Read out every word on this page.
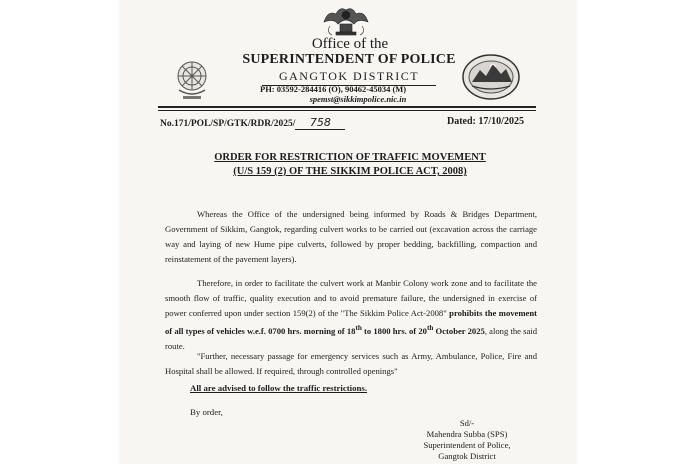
Office of the
SUPERINTENDENT OF POLICE
GANGTOK DISTRICT
PH: 03592-284416 (O), 90462-45034 (M)
spemst@sikkimpolice.nic.in
No.171/POL/SP/GTK/RDR/2025/ 758	Dated: 17/10/2025
ORDER FOR RESTRICTION OF TRAFFIC MOVEMENT
(U/S 159 (2) OF THE SIKKIM POLICE ACT, 2008)
Whereas the Office of the undersigned being informed by Roads & Bridges Department, Government of Sikkim, Gangtok, regarding culvert works to be carried out (excavation across the carriage way and laying of new Hume pipe culverts, followed by proper bedding, backfilling, compaction and reinstatement of the pavement layers).
Therefore, in order to facilitate the culvert work at Manbir Colony work zone and to facilitate the smooth flow of traffic, quality execution and to avoid premature failure, the undersigned in exercise of power conferred upon under section 159(2) of the "The Sikkim Police Act-2008" prohibits the movement of all types of vehicles w.e.f. 0700 hrs. morning of 18th to 1800 hrs. of 20th October 2025, along the said route.
"Further, necessary passage for emergency services such as Army, Ambulance, Police, Fire and Hospital shall be allowed. If required, through controlled openings"
All are advised to follow the traffic restrictions.
By order,
Sd/-
Mahendra Subba (SPS)
Superintendent of Police,
Gangtok District
